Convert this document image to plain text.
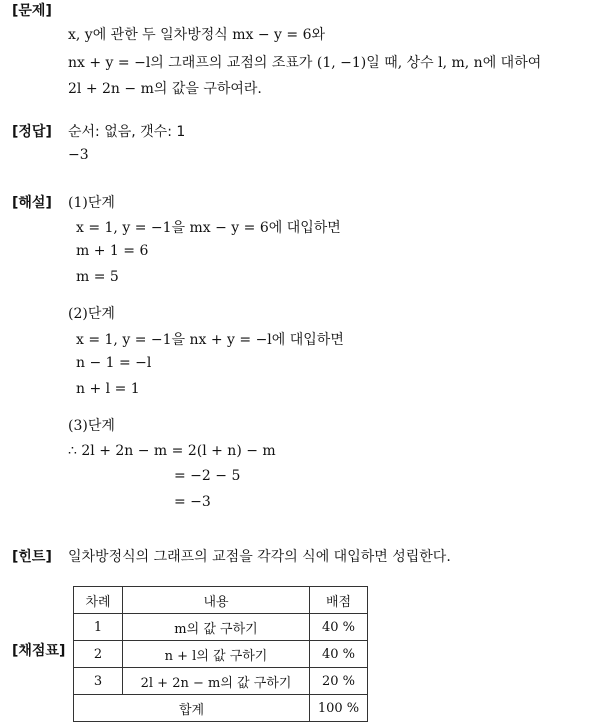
[문제]
x, y에 관한 두 일차방정식 mx − y = 6와
nx + y = −l의 그래프의 교점의 조표가 (1, −1)일 때, 상수 l, m, n에 대하여
2l + 2n − m의 값을 구하여라.
[정답] 순서: 없음, 갯수: 1
−3
[해설] (1)단계
x = 1, y = −1을 mx − y = 6에 대입하면
m + 1 = 6
m = 5
(2)단계
x = 1, y = −1을 nx + y = −l에 대입하면
n − 1 = −l
n + l = 1
(3)단계
∴ 2l + 2n − m = 2(l + n) − m
= −2 − 5
= −3
[힌트] 일차방정식의 그래프의 교점을 각각의 식에 대입하면 성립한다.
[채점표]
차례	내용	배점
1	m의 값 구하기	40 %
2	n + l의 값 구하기	40 %
3	2l + 2n − m의 값 구하기	20 %
합계		100 %
